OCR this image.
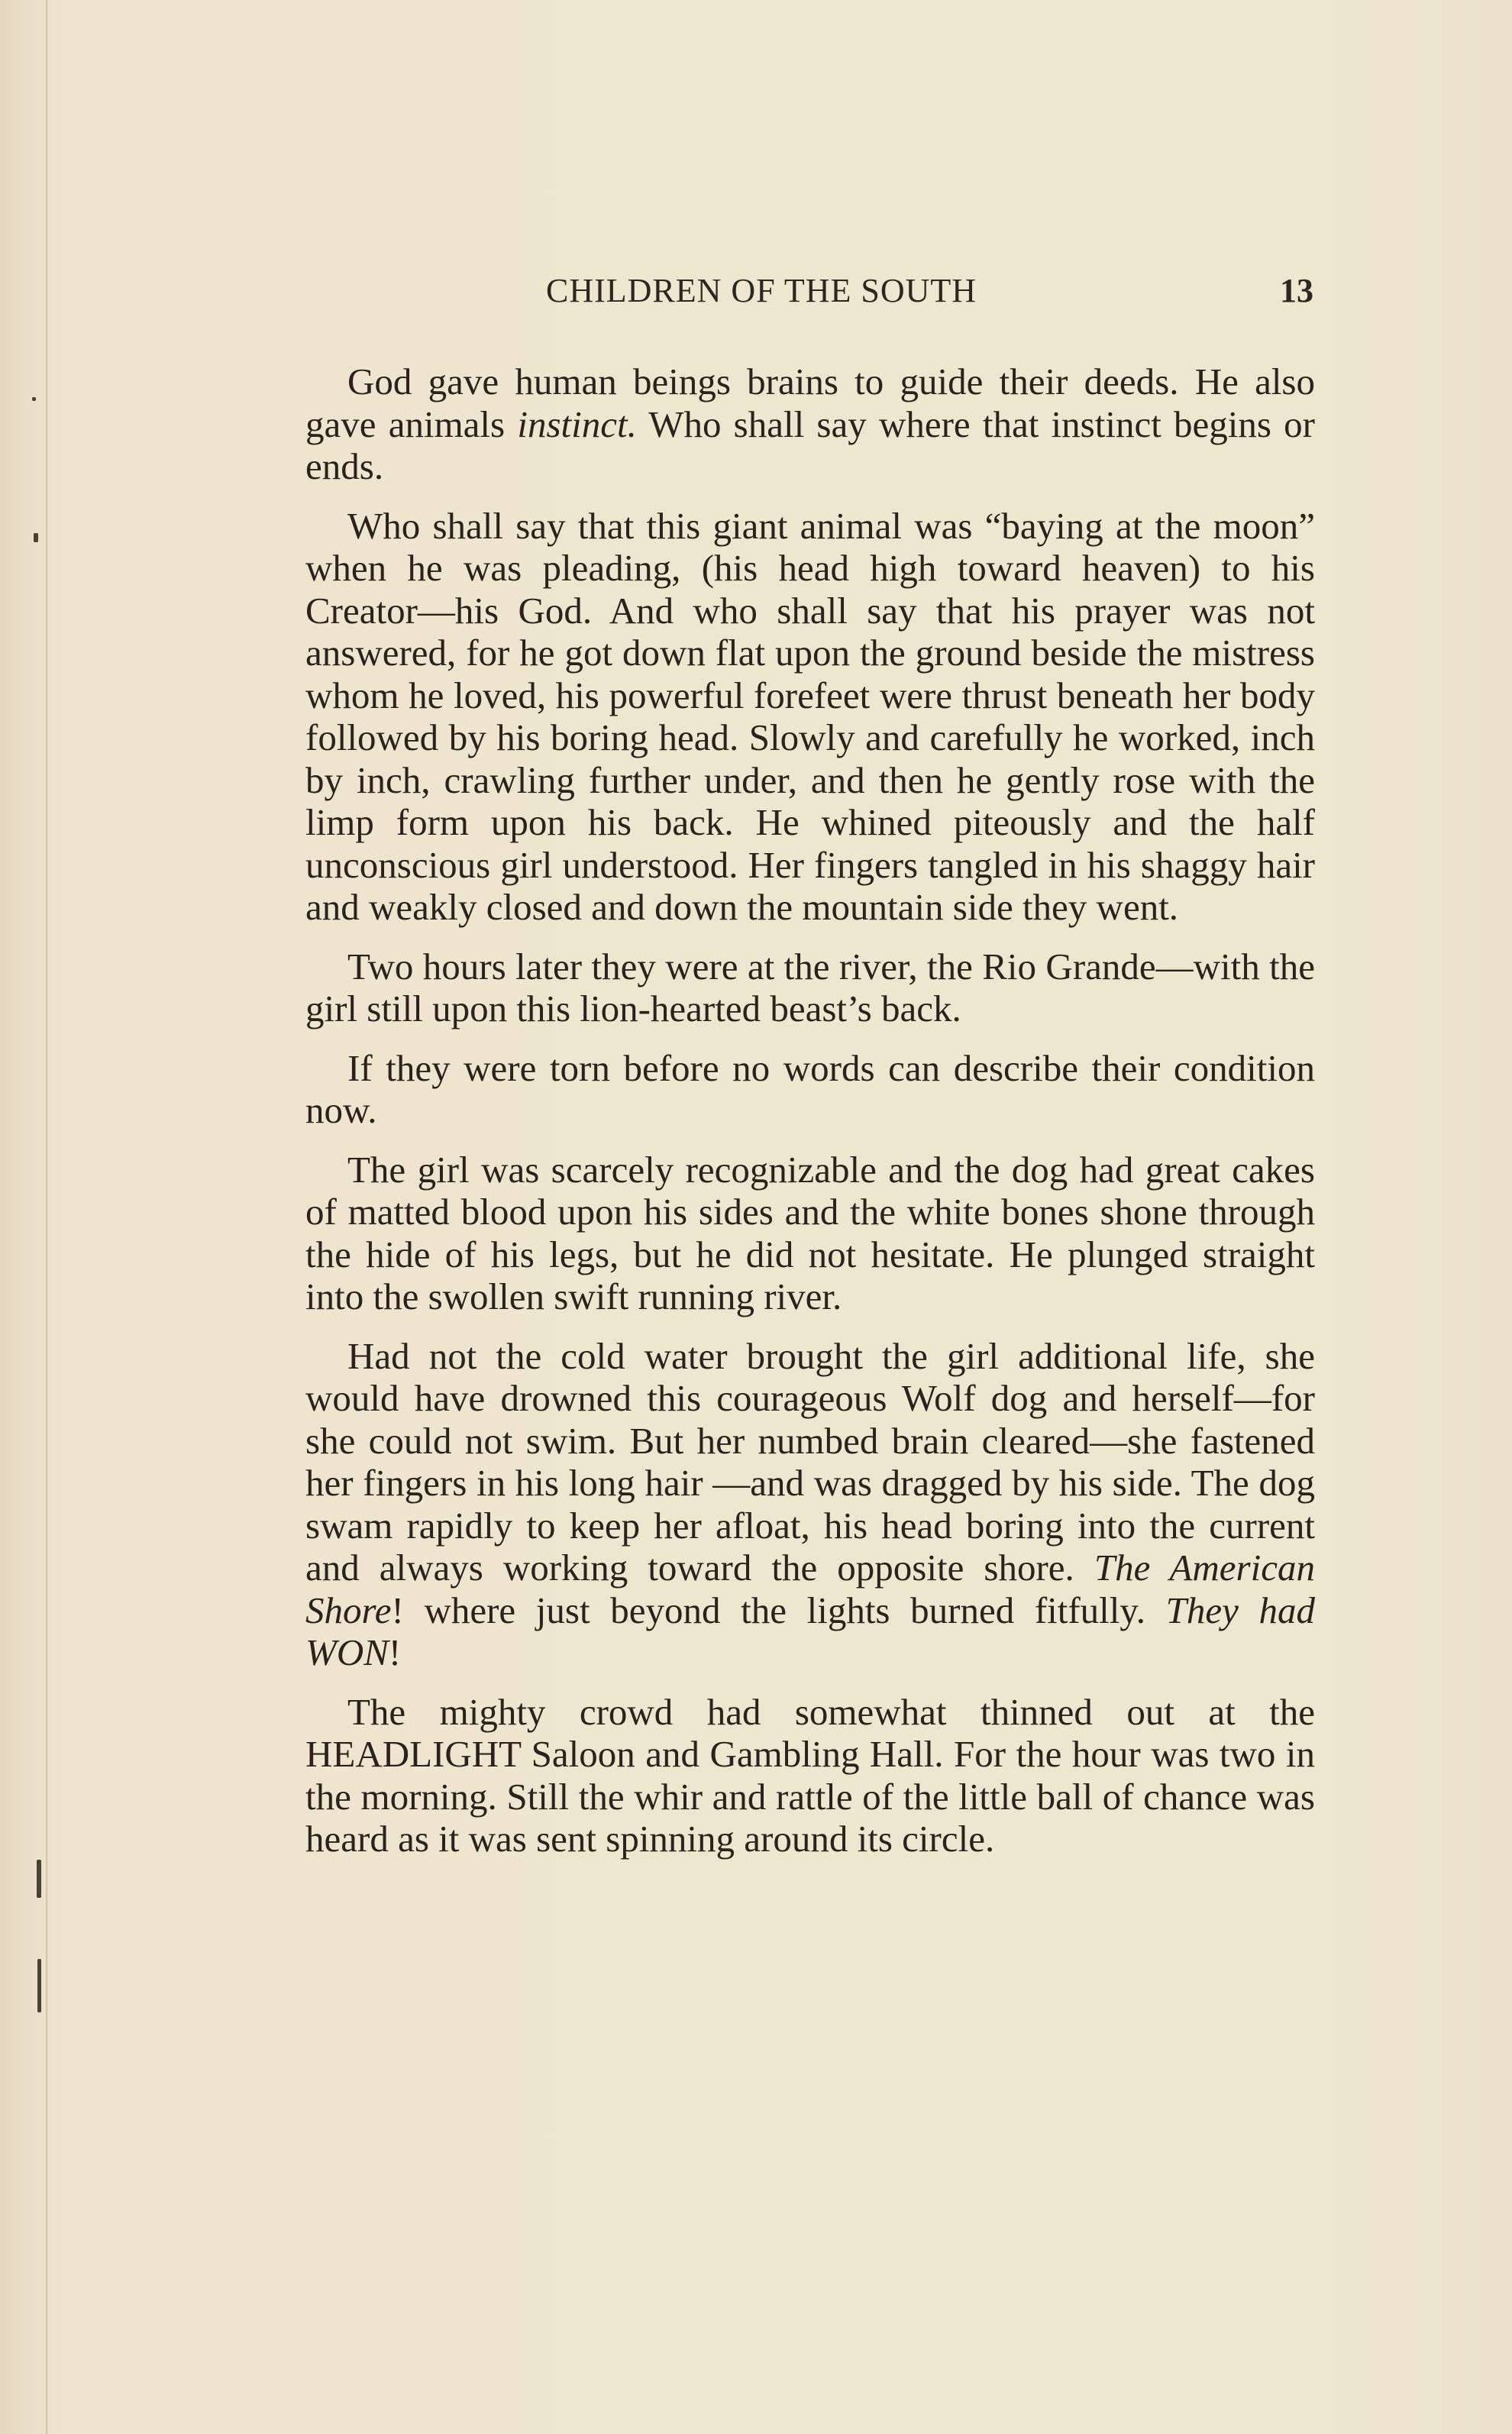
CHILDREN OF THE SOUTH	13

God gave human beings brains to guide their deeds. He also gave animals instinct. Who shall say where that instinct begins or ends.

Who shall say that this giant animal was “baying at the moon” when he was pleading, (his head high toward heaven) to his Creator—his God. And who shall say that his prayer was not answered, for he got down flat upon the ground beside the mistress whom he loved, his powerful forefeet were thrust beneath her body followed by his boring head. Slowly and carefully he worked, inch by inch, crawling further under, and then he gently rose with the limp form upon his back. He whined piteously and the half unconscious girl understood. Her fingers tangled in his shaggy hair and weakly closed and down the mountain side they went.

Two hours later they were at the river, the Rio Grande—with the girl still upon this lion-hearted beast’s back.

If they were torn before no words can describe their condition now.

The girl was scarcely recognizable and the dog had great cakes of matted blood upon his sides and the white bones shone through the hide of his legs, but he did not hesitate. He plunged straight into the swollen swift running river.

Had not the cold water brought the girl additional life, she would have drowned this courageous Wolf dog and herself—for she could not swim. But her numbed brain cleared—she fastened her fingers in his long hair —and was dragged by his side. The dog swam rapidly to keep her afloat, his head boring into the current and always working toward the opposite shore. The American Shore! where just beyond the lights burned fitfully. They had WON!

The mighty crowd had somewhat thinned out at the HEADLIGHT Saloon and Gambling Hall. For the hour was two in the morning. Still the whir and rattle of the little ball of chance was heard as it was sent spinning around its circle.
